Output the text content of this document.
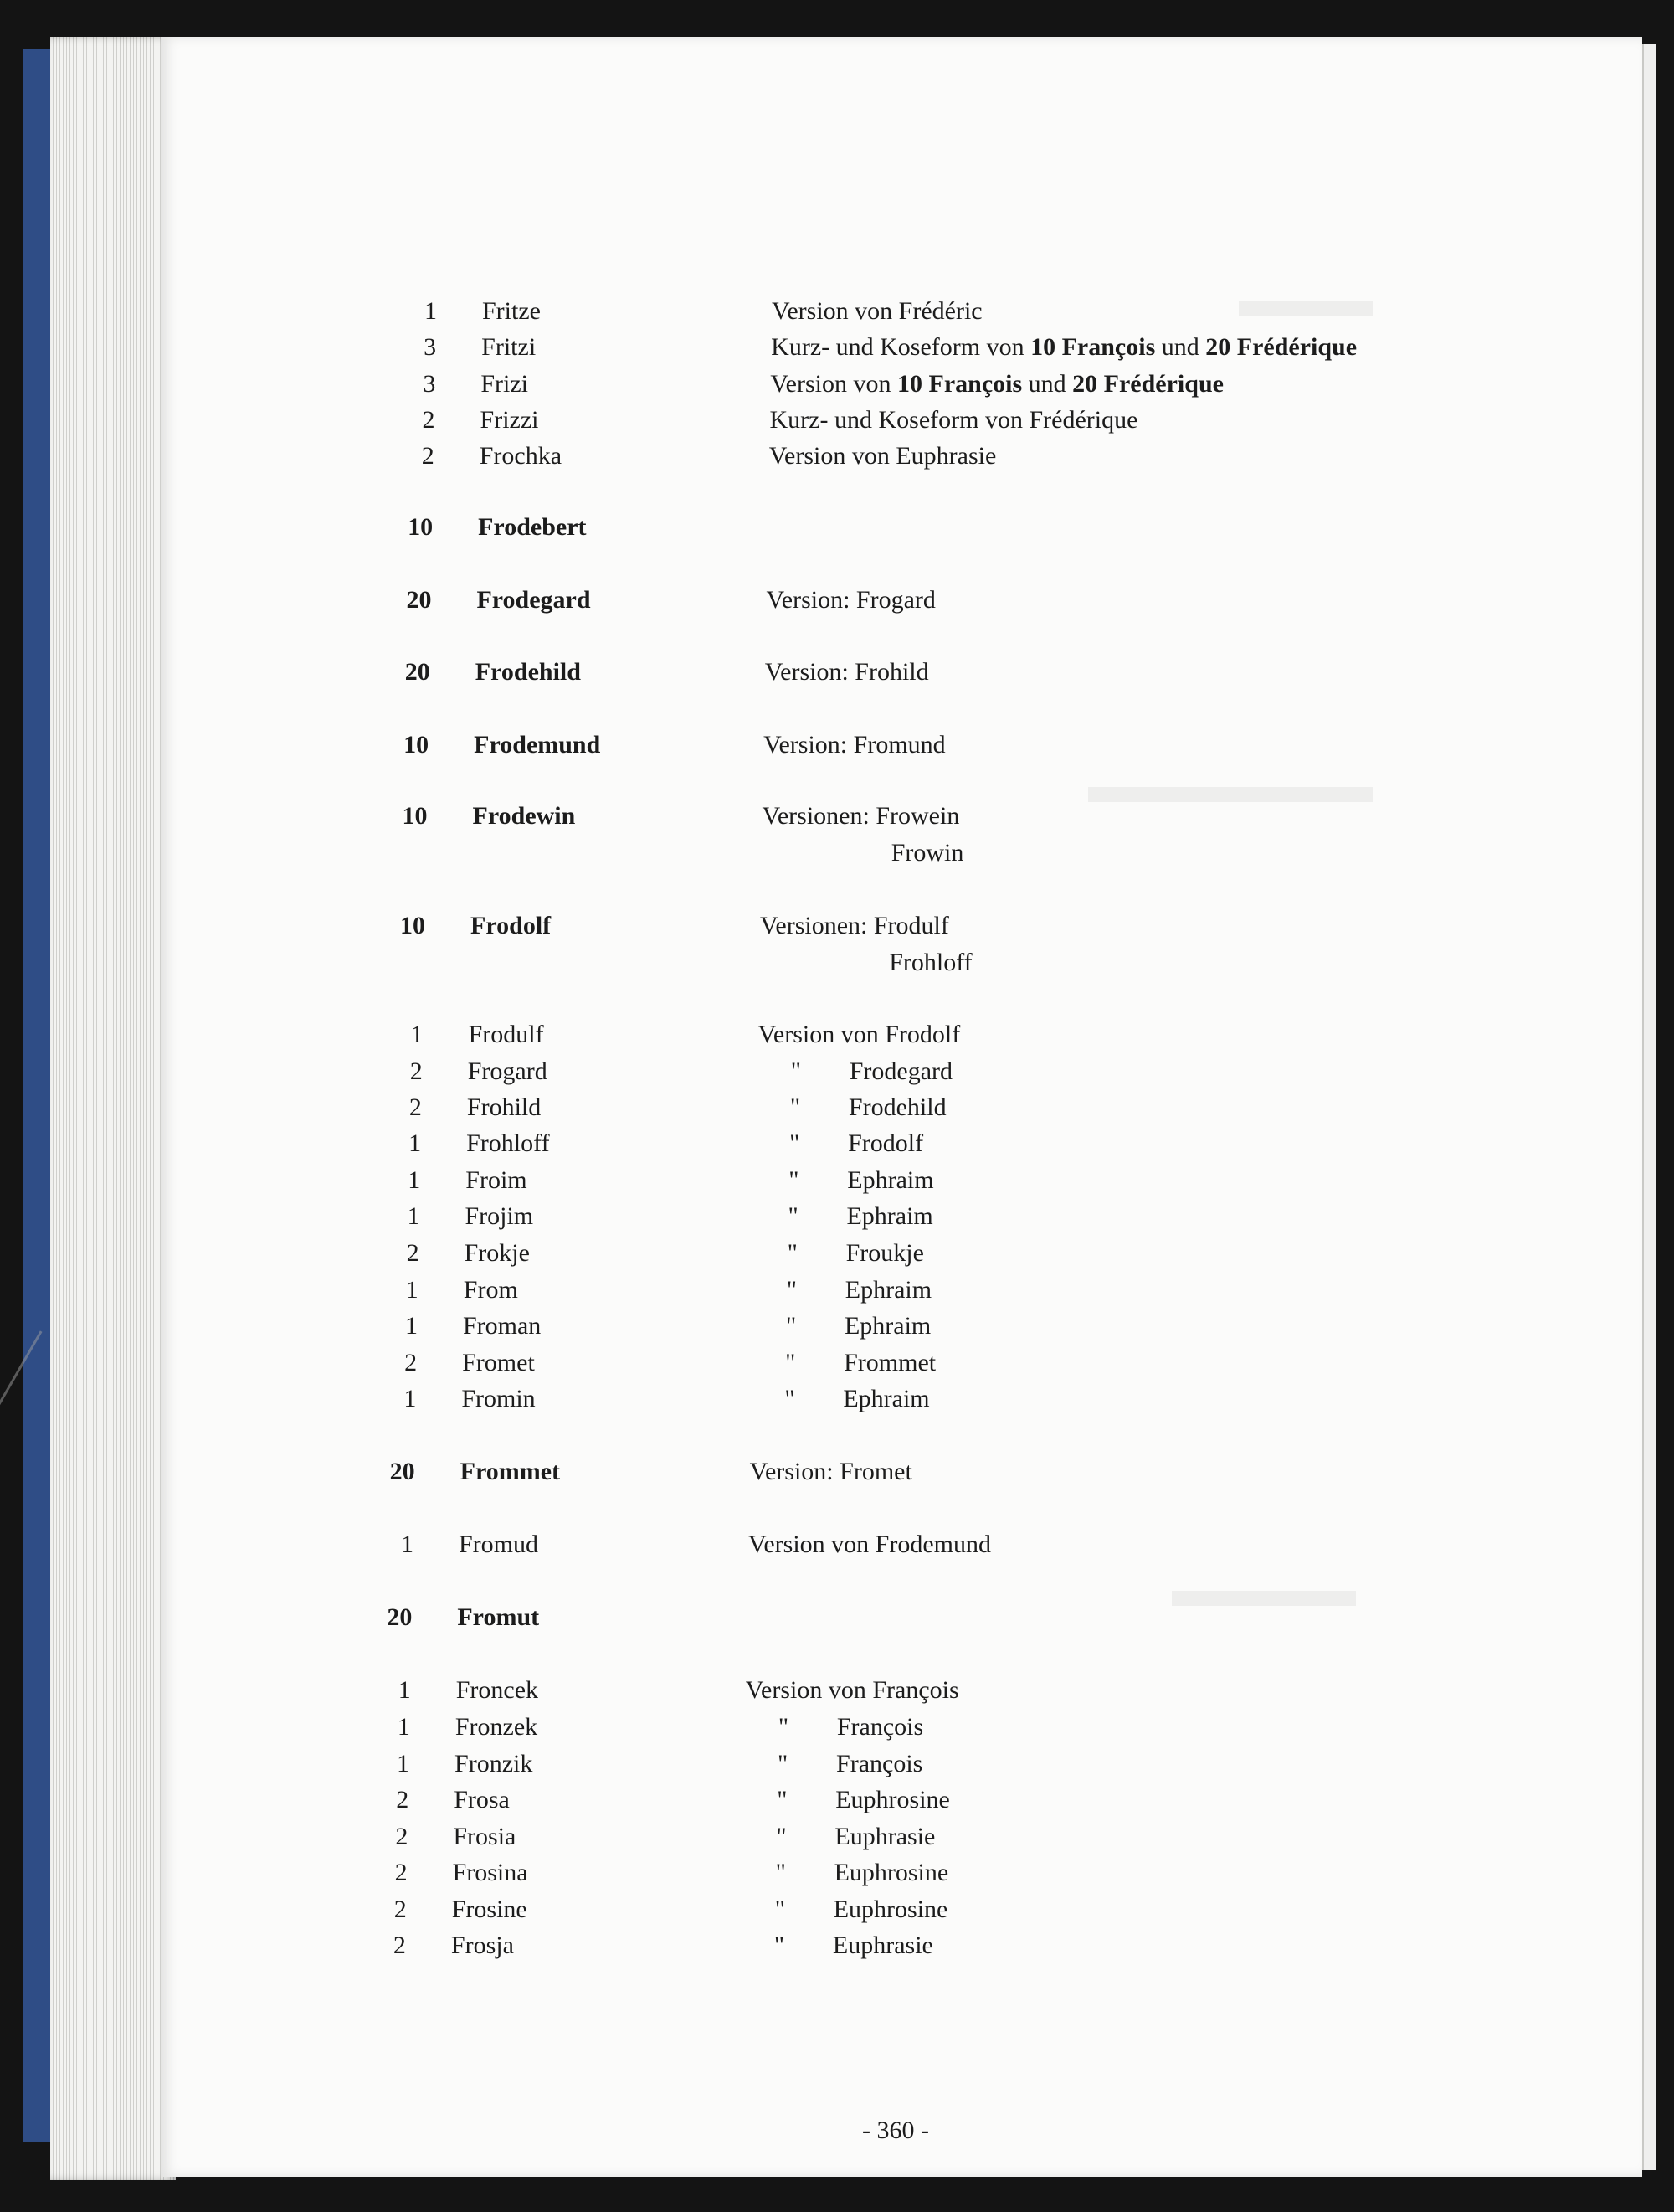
1 Fritze	Version von Frédéric
3 Fritzi	Kurz- und Koseform von 10 François und 20 Frédérique
3 Frizi	Version von 10 François und 20 Frédérique
2 Frizzi	Kurz- und Koseform von Frédérique
2 Frochka	Version von Euphrasie
10 Frodebert
20 Frodegard	Version: Frogard
20 Frodehild	Version: Frohild
10 Frodemund	Version: Fromund
10 Frodewin	Versionen: Frowein
Frowin
10 Frodolf	Versionen: Frodulf
Frohloff
1 Frodulf	Version von Frodolf
2 Frogard	" Frodegard
2 Frohild	" Frodehild
1 Frohloff	" Frodolf
1 Froim	" Ephraim
1 Frojim	" Ephraim
2 Frokje	" Froukje
1 From	" Ephraim
1 Froman	" Ephraim
2 Fromet	" Frommet
1 Fromin	" Ephraim
20 Frommet	Version: Fromet
1 Fromud	Version von Frodemund
20 Fromut
1 Froncek	Version von François
1 Fronzek	" François
1 Fronzik	" François
2 Frosa	" Euphrosine
2 Frosia	" Euphrasie
2 Frosina	" Euphrosine
2 Frosine	" Euphrosine
2 Frosja	" Euphrasie
- 360 -
